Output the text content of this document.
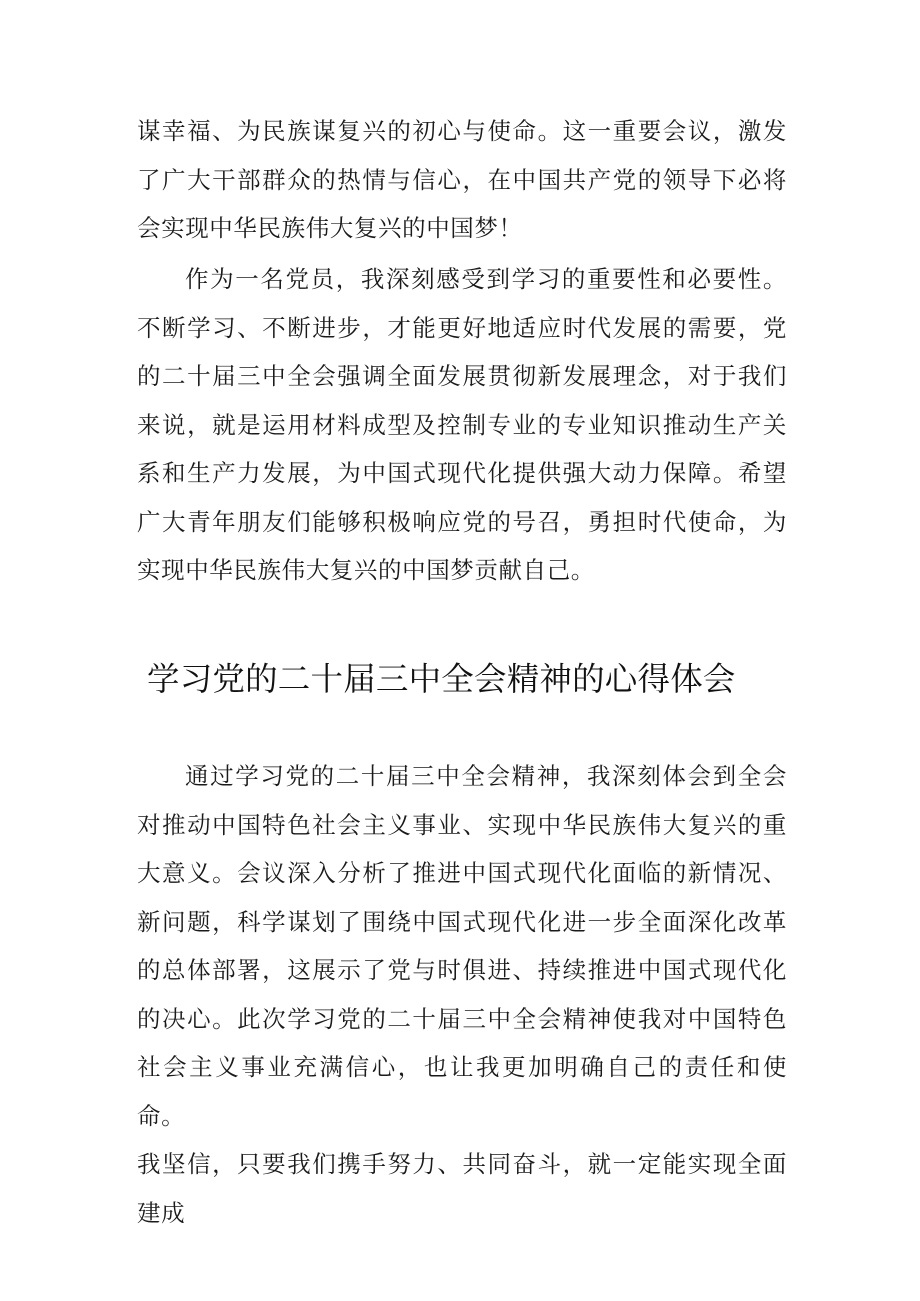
谋幸福、为民族谋复兴的初心与使命。这一重要会议，激发了广大干部群众的热情与信心，在中国共产党的领导下必将会实现中华民族伟大复兴的中国梦！

作为一名党员，我深刻感受到学习的重要性和必要性。不断学习、不断进步，才能更好地适应时代发展的需要，党的二十届三中全会强调全面发展贯彻新发展理念，对于我们来说，就是运用材料成型及控制专业的专业知识推动生产关系和生产力发展，为中国式现代化提供强大动力保障。希望广大青年朋友们能够积极响应党的号召，勇担时代使命，为实现中华民族伟大复兴的中国梦贡献自己。

学习党的二十届三中全会精神的心得体会

通过学习党的二十届三中全会精神，我深刻体会到全会对推动中国特色社会主义事业、实现中华民族伟大复兴的重大意义。会议深入分析了推进中国式现代化面临的新情况、新问题，科学谋划了围绕中国式现代化进一步全面深化改革的总体部署，这展示了党与时俱进、持续推进中国式现代化的决心。此次学习党的二十届三中全会精神使我对中国特色社会主义事业充满信心，也让我更加明确自己的责任和使命。

我坚信，只要我们携手努力、共同奋斗，就一定能实现全面建成
